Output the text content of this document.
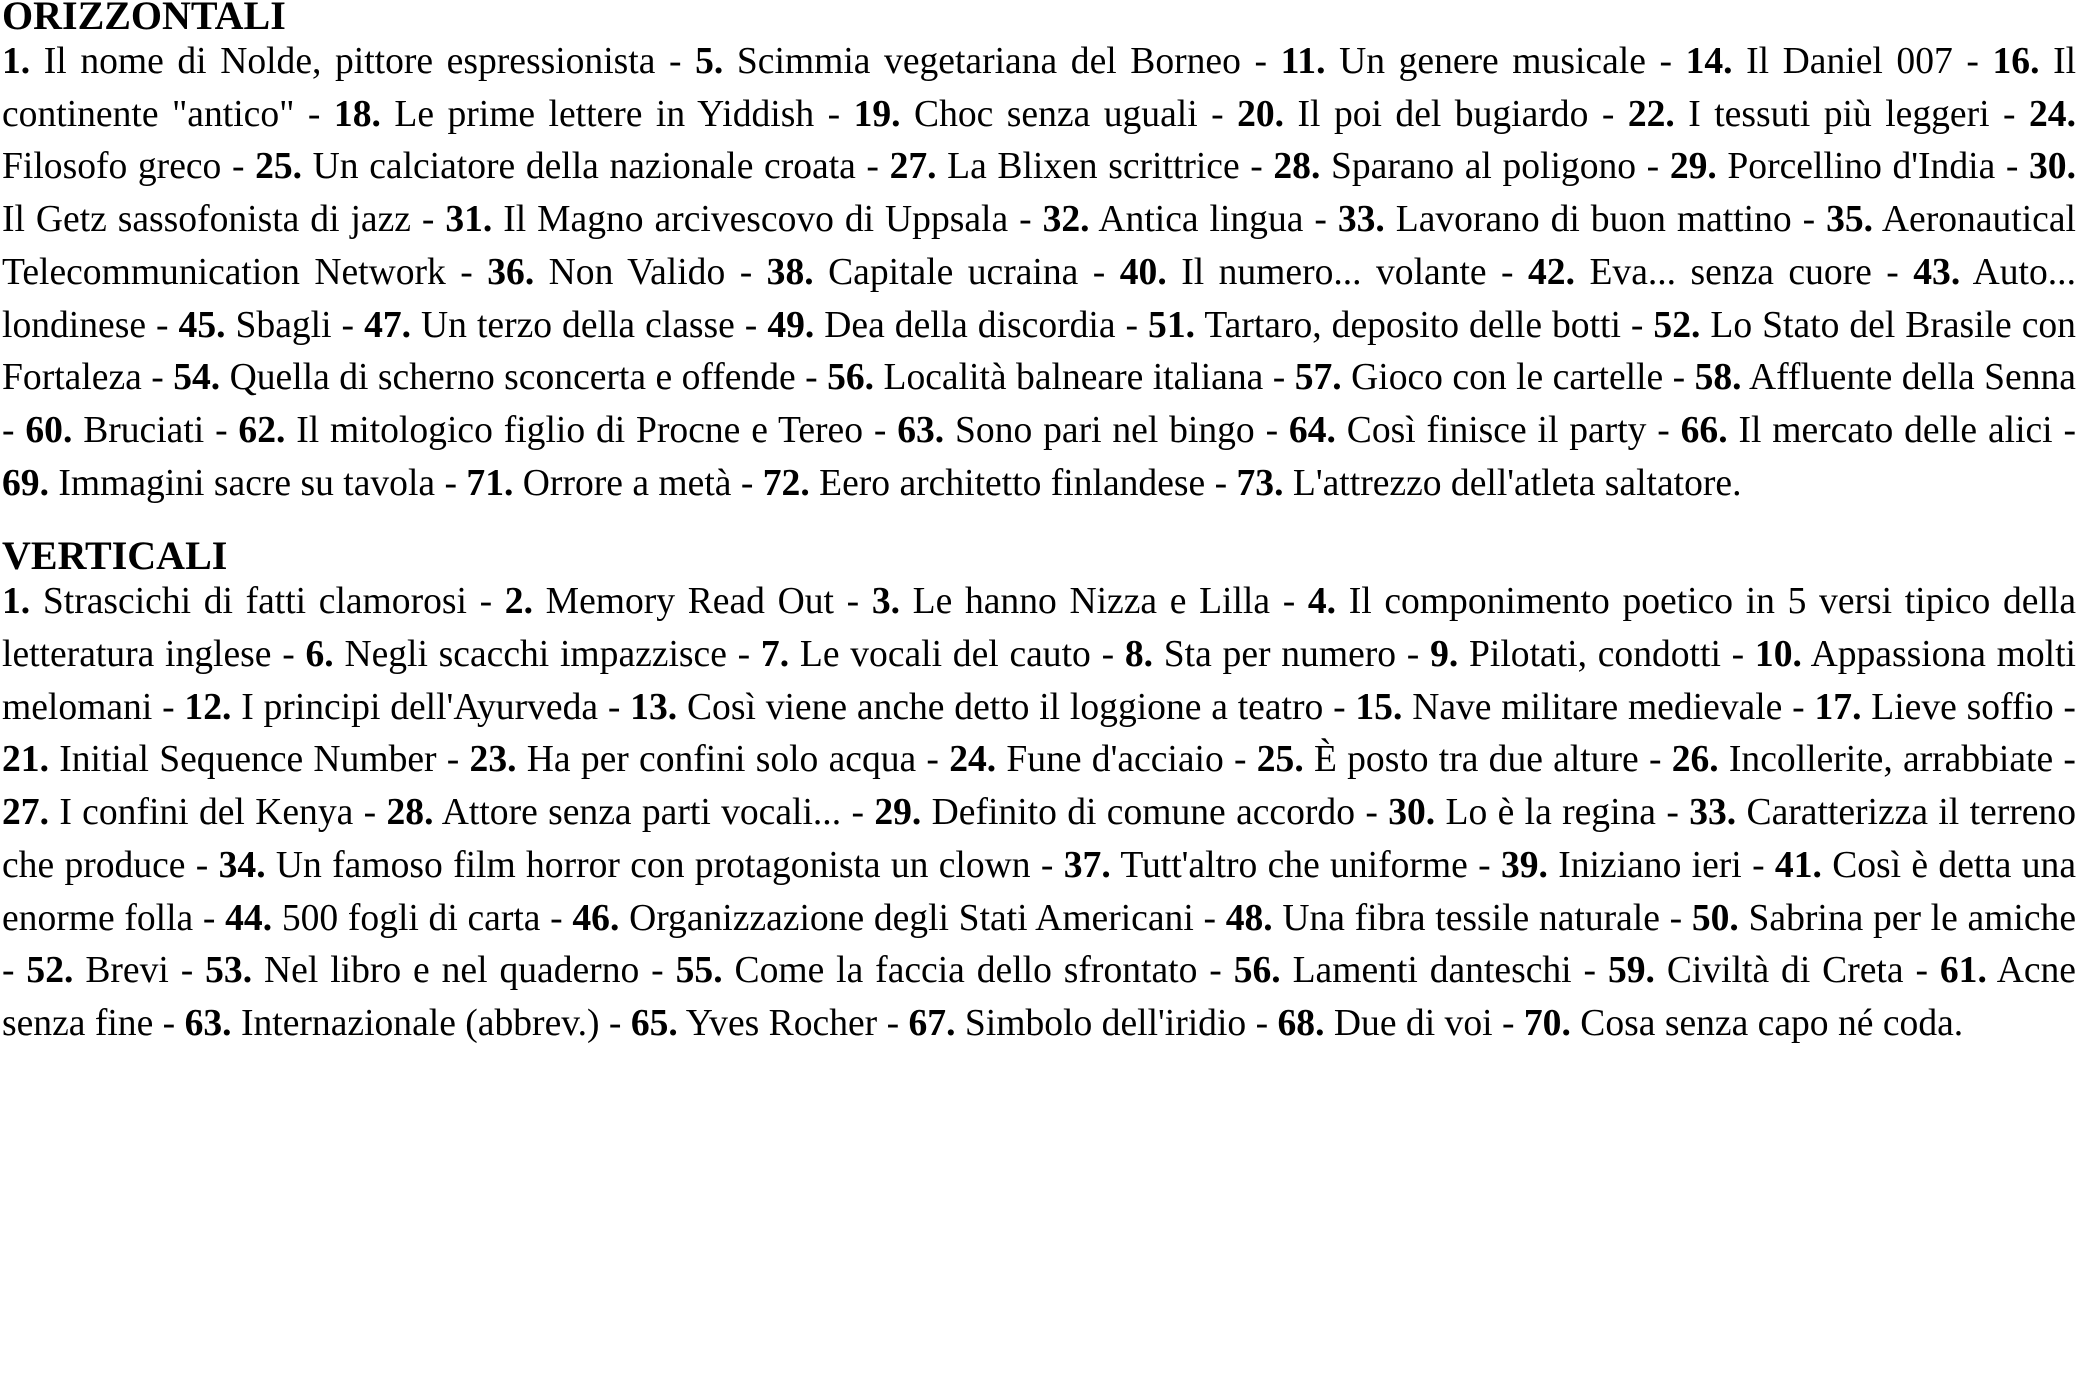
ORIZZONTALI

1. Il nome di Nolde, pittore espressionista - 5. Scimmia vegetariana del Borneo - 11. Un genere musicale - 14. Il Daniel 007 - 16. Il continente "antico" - 18. Le prime lettere in Yiddish - 19. Choc senza uguali - 20. Il poi del bugiardo - 22. I tessuti più leggeri - 24. Filosofo greco - 25. Un calciatore della nazionale croata - 27. La Blixen scrittrice - 28. Sparano al poligono - 29. Porcellino d'India - 30. Il Getz sassofonista di jazz - 31. Il Magno arcivescovo di Uppsala - 32. Antica lingua - 33. Lavorano di buon mattino - 35. Aeronautical Telecommunication Network - 36. Non Valido - 38. Capitale ucraina - 40. Il numero... volante - 42. Eva... senza cuore - 43. Auto... londinese - 45. Sbagli - 47. Un terzo della classe - 49. Dea della discordia - 51. Tartaro, deposito delle botti - 52. Lo Stato del Brasile con Fortaleza - 54. Quella di scherno sconcerta e offende - 56. Località balneare italiana - 57. Gioco con le cartelle - 58. Affluente della Senna - 60. Bruciati - 62. Il mitologico figlio di Procne e Tereo - 63. Sono pari nel bingo - 64. Così finisce il party - 66. Il mercato delle alici - 69. Immagini sacre su tavola - 71. Orrore a metà - 72. Eero architetto finlandese - 73. L'attrezzo dell'atleta saltatore.

VERTICALI

1. Strascichi di fatti clamorosi - 2. Memory Read Out - 3. Le hanno Nizza e Lilla - 4. Il componimento poetico in 5 versi tipico della letteratura inglese - 6. Negli scacchi impazzisce - 7. Le vocali del cauto - 8. Sta per numero - 9. Pilotati, condotti - 10. Appassiona molti melomani - 12. I principi dell'Ayurveda - 13. Così viene anche detto il loggione a teatro - 15. Nave militare medievale - 17. Lieve soffio - 21. Initial Sequence Number - 23. Ha per confini solo acqua - 24. Fune d'acciaio - 25. È posto tra due alture - 26. Incollerite, arrabbiate - 27. I confini del Kenya - 28. Attore senza parti vocali... - 29. Definito di comune accordo - 30. Lo è la regina - 33. Caratterizza il terreno che produce - 34. Un famoso film horror con protagonista un clown - 37. Tutt'altro che uniforme - 39. Iniziano ieri - 41. Così è detta una enorme folla - 44. 500 fogli di carta - 46. Organizzazione degli Stati Americani - 48. Una fibra tessile naturale - 50. Sabrina per le amiche - 52. Brevi - 53. Nel libro e nel quaderno - 55. Come la faccia dello sfrontato - 56. Lamenti danteschi - 59. Civiltà di Creta - 61. Acne senza fine - 63. Internazionale (abbrev.) - 65. Yves Rocher - 67. Simbolo dell'iridio - 68. Due di voi - 70. Cosa senza capo né coda.
